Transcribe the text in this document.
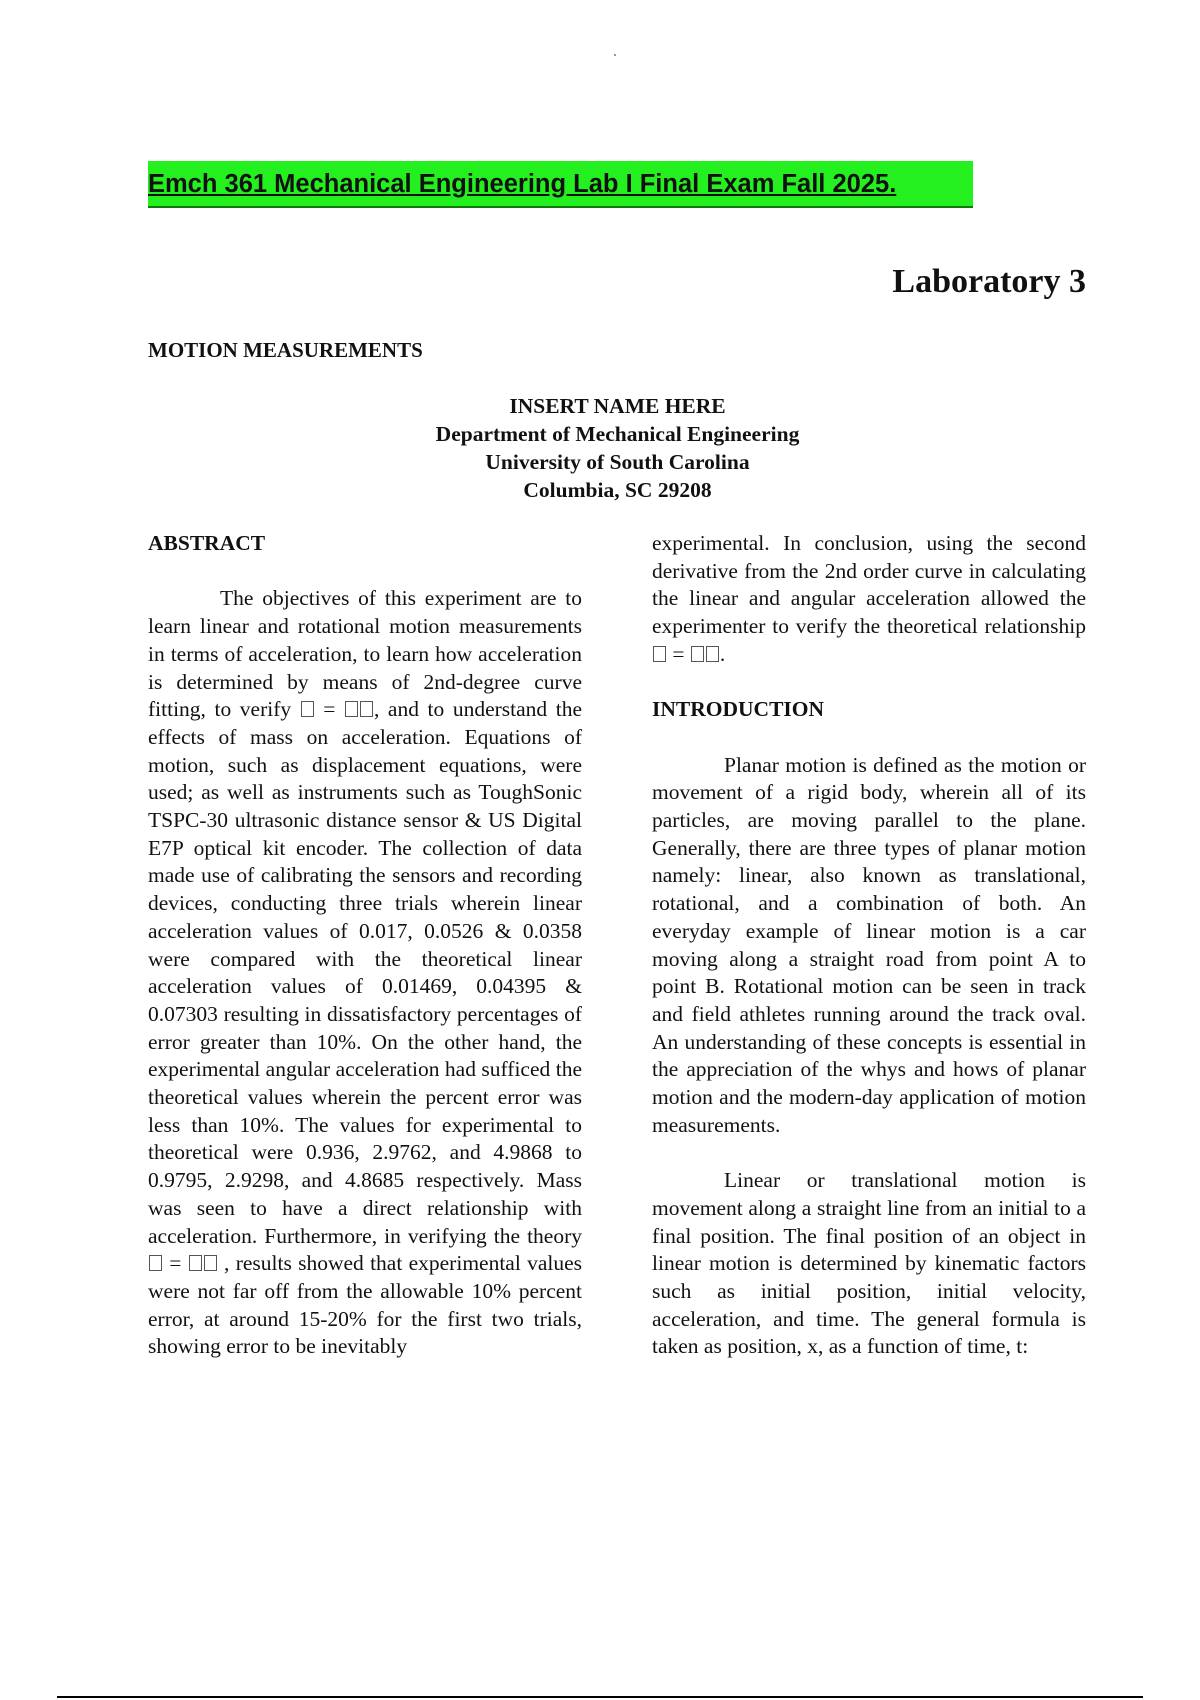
Emch 361 Mechanical Engineering Lab I Final Exam Fall 2025.
Laboratory 3
MOTION MEASUREMENTS
INSERT NAME HERE
Department of Mechanical Engineering
University of South Carolina
Columbia, SC 29208
ABSTRACT
The objectives of this experiment are to learn linear and rotational motion measurements in terms of acceleration, to learn how acceleration is determined by means of 2nd-degree curve fitting, to verify = , and to understand the effects of mass on acceleration. Equations of motion, such as displacement equations, were used; as well as instruments such as ToughSonic TSPC-30 ultrasonic distance sensor & US Digital E7P optical kit encoder. The collection of data made use of calibrating the sensors and recording devices, conducting three trials wherein linear acceleration values of 0.017, 0.0526 & 0.0358 were compared with the theoretical linear acceleration values of 0.01469, 0.04395 & 0.07303 resulting in dissatisfactory percentages of error greater than 10%. On the other hand, the experimental angular acceleration had sufficed the theoretical values wherein the percent error was less than 10%. The values for experimental to theoretical were 0.936, 2.9762, and 4.9868 to 0.9795, 2.9298, and 4.8685 respectively. Mass was seen to have a direct relationship with acceleration. Furthermore, in verifying the theory  = , results showed that experimental values were not far off from the allowable 10% percent error, at around 15-20% for the first two trials, showing error to be inevitably
experimental. In conclusion, using the second derivative from the 2nd order curve in calculating the linear and angular acceleration allowed the experimenter to verify the theoretical relationship  = .
INTRODUCTION
Planar motion is defined as the motion or movement of a rigid body, wherein all of its particles, are moving parallel to the plane. Generally, there are three types of planar motion namely: linear, also known as translational, rotational, and a combination of both. An everyday example of linear motion is a car moving along a straight road from point A to point B. Rotational motion can be seen in track and field athletes running around the track oval. An understanding of these concepts is essential in the appreciation of the whys and hows of planar motion and the modern-day application of motion measurements.
Linear or translational motion is movement along a straight line from an initial to a final position. The final position of an object in linear motion is determined by kinematic factors such as initial position, initial velocity, acceleration, and time. The general formula is taken as position, x, as a function of time, t:
